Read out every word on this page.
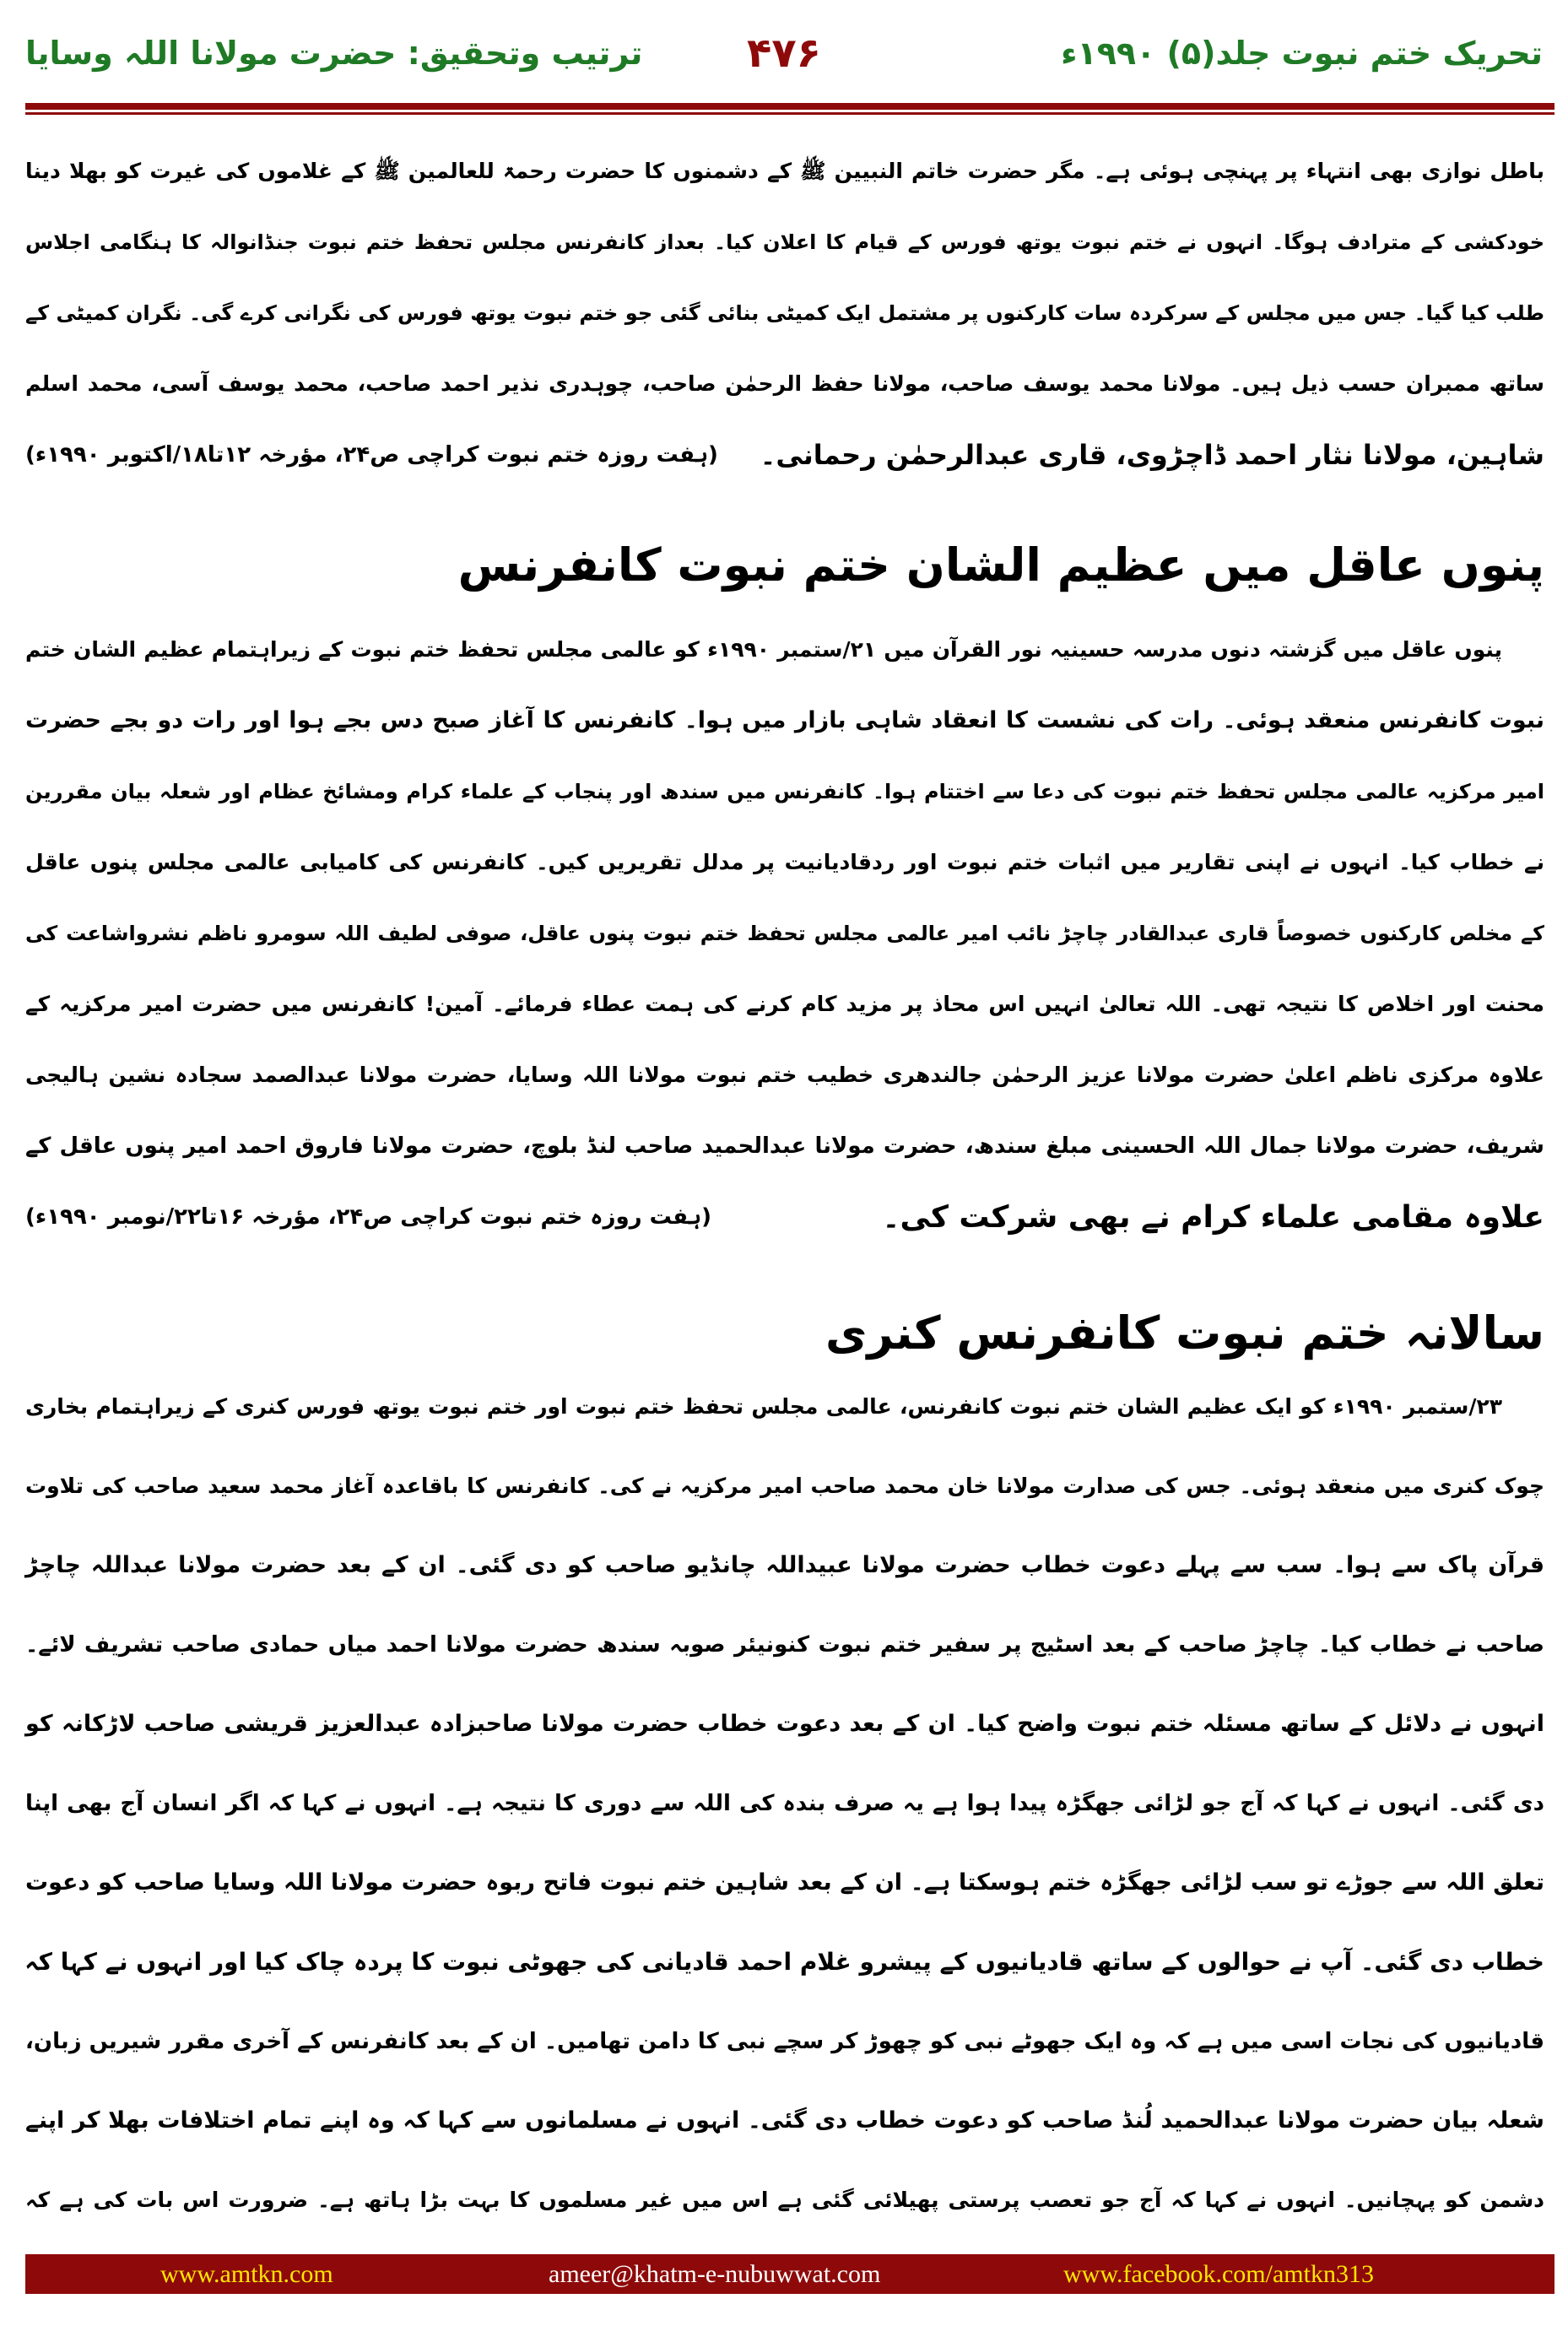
تحریک ختم نبوت جلد(۵) ۱۹۹۰ء
۴۷۶
ترتیب وتحقیق: حضرت مولانا اللہ وسایا
باطل نوازی بھی انتہاء پر پہنچی ہوئی ہے۔ مگر حضرت خاتم النبیین ﷺ کے دشمنوں کا حضرت رحمۃ للعالمین ﷺ کے غلاموں کی غیرت کو بھلا دینا
خودکشی کے مترادف ہوگا۔ انہوں نے ختم نبوت یوتھ فورس کے قیام کا اعلان کیا۔ بعداز کانفرنس مجلس تحفظ ختم نبوت جنڈانوالہ کا ہنگامی اجلاس
طلب کیا گیا۔ جس میں مجلس کے سرکردہ سات کارکنوں پر مشتمل ایک کمیٹی بنائی گئی جو ختم نبوت یوتھ فورس کی نگرانی کرے گی۔ نگران کمیٹی کے
ساتھ ممبران حسب ذیل ہیں۔ مولانا محمد یوسف صاحب، مولانا حفظ الرحمٰن صاحب، چوہدری نذیر احمد صاحب، محمد یوسف آسی، محمد اسلم
شاہین، مولانا نثار احمد ڈاچڑوی، قاری عبدالرحمٰن رحمانی۔
(ہفت روزہ ختم نبوت کراچی ص۲۴، مؤرخہ ۱۲تا۱۸/اکتوبر ۱۹۹۰ء)
پنوں عاقل میں عظیم الشان ختم نبوت کانفرنس
پنوں عاقل میں گزشتہ دنوں مدرسہ حسینیہ نور القرآن میں ۲۱/ستمبر ۱۹۹۰ء کو عالمی مجلس تحفظ ختم نبوت کے زیراہتمام عظیم الشان ختم
نبوت کانفرنس منعقد ہوئی۔ رات کی نشست کا انعقاد شاہی بازار میں ہوا۔ کانفرنس کا آغاز صبح دس بجے ہوا اور رات دو بجے حضرت
امیر مرکزیہ عالمی مجلس تحفظ ختم نبوت کی دعا سے اختتام ہوا۔ کانفرنس میں سندھ اور پنجاب کے علماء کرام ومشائخ عظام اور شعلہ بیان مقررین
نے خطاب کیا۔ انہوں نے اپنی تقاریر میں اثبات ختم نبوت اور ردقادیانیت پر مدلل تقریریں کیں۔ کانفرنس کی کامیابی عالمی مجلس پنوں عاقل
کے مخلص کارکنوں خصوصاً قاری عبدالقادر چاچڑ نائب امیر عالمی مجلس تحفظ ختم نبوت پنوں عاقل، صوفی لطیف اللہ سومرو ناظم نشرواشاعت کی
محنت اور اخلاص کا نتیجہ تھی۔ اللہ تعالیٰ انہیں اس محاذ پر مزید کام کرنے کی ہمت عطاء فرمائے۔ آمین! کانفرنس میں حضرت امیر مرکزیہ کے
علاوہ مرکزی ناظم اعلیٰ حضرت مولانا عزیز الرحمٰن جالندھری خطیب ختم نبوت مولانا اللہ وسایا، حضرت مولانا عبدالصمد سجادہ نشین ہالیجی
شریف، حضرت مولانا جمال اللہ الحسینی مبلغ سندھ، حضرت مولانا عبدالحمید صاحب لنڈ بلوچ، حضرت مولانا فاروق احمد امیر پنوں عاقل کے
علاوہ مقامی علماء کرام نے بھی شرکت کی۔
(ہفت روزہ ختم نبوت کراچی ص۲۴، مؤرخہ ۱۶تا۲۲/نومبر ۱۹۹۰ء)
سالانہ ختم نبوت کانفرنس کنری
۲۳/ستمبر ۱۹۹۰ء کو ایک عظیم الشان ختم نبوت کانفرنس، عالمی مجلس تحفظ ختم نبوت اور ختم نبوت یوتھ فورس کنری کے زیراہتمام بخاری
چوک کنری میں منعقد ہوئی۔ جس کی صدارت مولانا خان محمد صاحب امیر مرکزیہ نے کی۔ کانفرنس کا باقاعدہ آغاز محمد سعید صاحب کی تلاوت
قرآن پاک سے ہوا۔ سب سے پہلے دعوت خطاب حضرت مولانا عبیداللہ چانڈیو صاحب کو دی گئی۔ ان کے بعد حضرت مولانا عبداللہ چاچڑ
صاحب نے خطاب کیا۔ چاچڑ صاحب کے بعد اسٹیج پر سفیر ختم نبوت کنونیئر صوبہ سندھ حضرت مولانا احمد میاں حمادی صاحب تشریف لائے۔
انہوں نے دلائل کے ساتھ مسئلہ ختم نبوت واضح کیا۔ ان کے بعد دعوت خطاب حضرت مولانا صاحبزادہ عبدالعزیز قریشی صاحب لاڑکانہ کو
دی گئی۔ انہوں نے کہا کہ آج جو لڑائی جھگڑہ پیدا ہوا ہے یہ صرف بندہ کی اللہ سے دوری کا نتیجہ ہے۔ انہوں نے کہا کہ اگر انسان آج بھی اپنا
تعلق اللہ سے جوڑے تو سب لڑائی جھگڑہ ختم ہوسکتا ہے۔ ان کے بعد شاہین ختم نبوت فاتح ربوہ حضرت مولانا اللہ وسایا صاحب کو دعوت
خطاب دی گئی۔ آپ نے حوالوں کے ساتھ قادیانیوں کے پیشرو غلام احمد قادیانی کی جھوٹی نبوت کا پردہ چاک کیا اور انہوں نے کہا کہ
قادیانیوں کی نجات اسی میں ہے کہ وہ ایک جھوٹے نبی کو چھوڑ کر سچے نبی کا دامن تھامیں۔ ان کے بعد کانفرنس کے آخری مقرر شیریں زبان،
شعلہ بیان حضرت مولانا عبدالحمید لُنڈ صاحب کو دعوت خطاب دی گئی۔ انہوں نے مسلمانوں سے کہا کہ وہ اپنے تمام اختلافات بھلا کر اپنے
دشمن کو پہچانیں۔ انہوں نے کہا کہ آج جو تعصب پرستی پھیلائی گئی ہے اس میں غیر مسلموں کا بہت بڑا ہاتھ ہے۔ ضرورت اس بات کی ہے کہ
www.amtkn.com	ameer@khatm-e-nubuwwat.com	www.facebook.com/amtkn313
